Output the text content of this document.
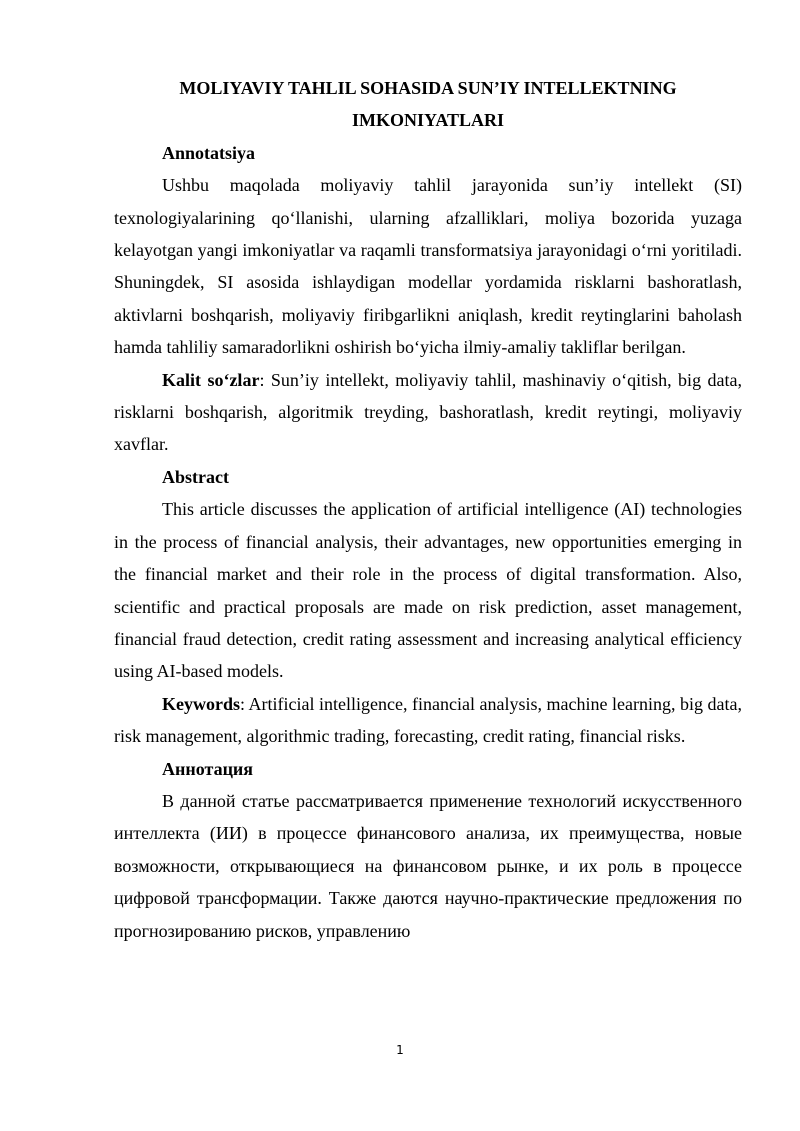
MOLIYAVIY TAHLIL SOHASIDA SUN’IY INTELLEKTNING
IMKONIYATLARI
Annotatsiya

Ushbu maqolada moliyaviy tahlil jarayonida sun’iy intellekt (SI) texnologiyalarining qo‘llanishi, ularning afzalliklari, moliya bozorida yuzaga kelayotgan yangi imkoniyatlar va raqamli transformatsiya jarayonidagi o‘rni yoritiladi. Shuningdek, SI asosida ishlaydigan modellar yordamida risklarni bashoratlash, aktivlarni boshqarish, moliyaviy firibgarlikni aniqlash, kredit reytinglarini baholash hamda tahliliy samaradorlikni oshirish bo‘yicha ilmiy-amaliy takliflar berilgan.

Kalit so‘zlar: Sun’iy intellekt, moliyaviy tahlil, mashinaviy o‘qitish, big data, risklarni boshqarish, algoritmik treyding, bashoratlash, kredit reytingi, moliyaviy xavflar.

Abstract

This article discusses the application of artificial intelligence (AI) technologies in the process of financial analysis, their advantages, new opportunities emerging in the financial market and their role in the process of digital transformation. Also, scientific and practical proposals are made on risk prediction, asset management, financial fraud detection, credit rating assessment and increasing analytical efficiency using AI-based models.

Keywords: Artificial intelligence, financial analysis, machine learning, big data, risk management, algorithmic trading, forecasting, credit rating, financial risks.

Аннотация

В данной статье рассматривается применение технологий искусственного интеллекта (ИИ) в процессе финансового анализа, их преимущества, новые возможности, открывающиеся на финансовом рынке, и их роль в процессе цифровой трансформации. Также даются научно-практические предложения по прогнозированию рисков, управлению

1
